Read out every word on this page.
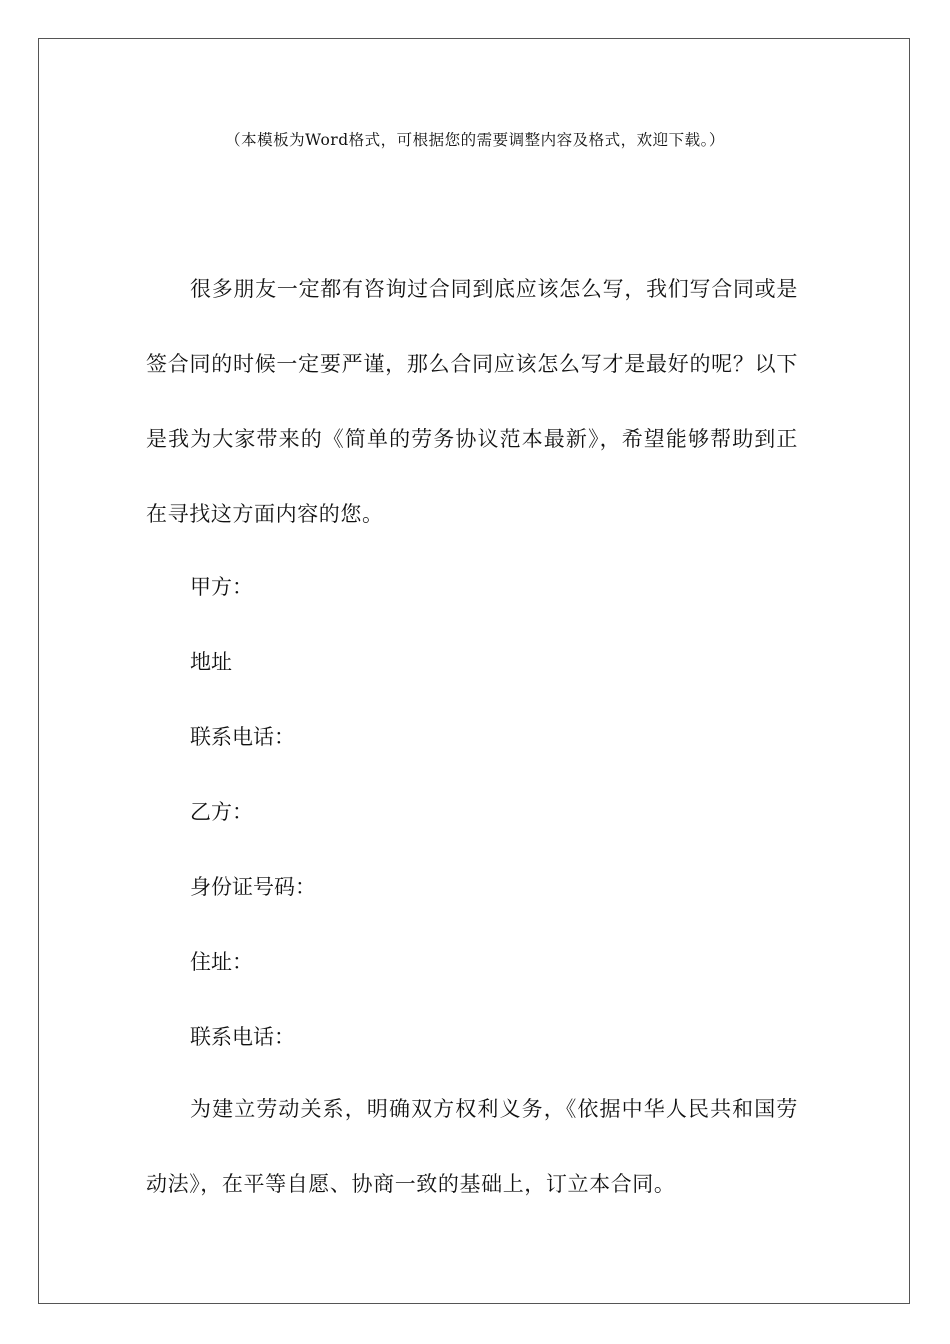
（本模板为Word格式，可根据您的需要调整内容及格式，欢迎下载。）

很多朋友一定都有咨询过合同到底应该怎么写，我们写合同或是签合同的时候一定要严谨，那么合同应该怎么写才是最好的呢？以下是我为大家带来的《简单的劳务协议范本最新》，希望能够帮助到正在寻找这方面内容的您。

甲方：
地址
联系电话：
乙方：
身份证号码：
住址：
联系电话：

为建立劳动关系，明确双方权利义务，《依据中华人民共和国劳动法》，在平等自愿、协商一致的基础上，订立本合同。
